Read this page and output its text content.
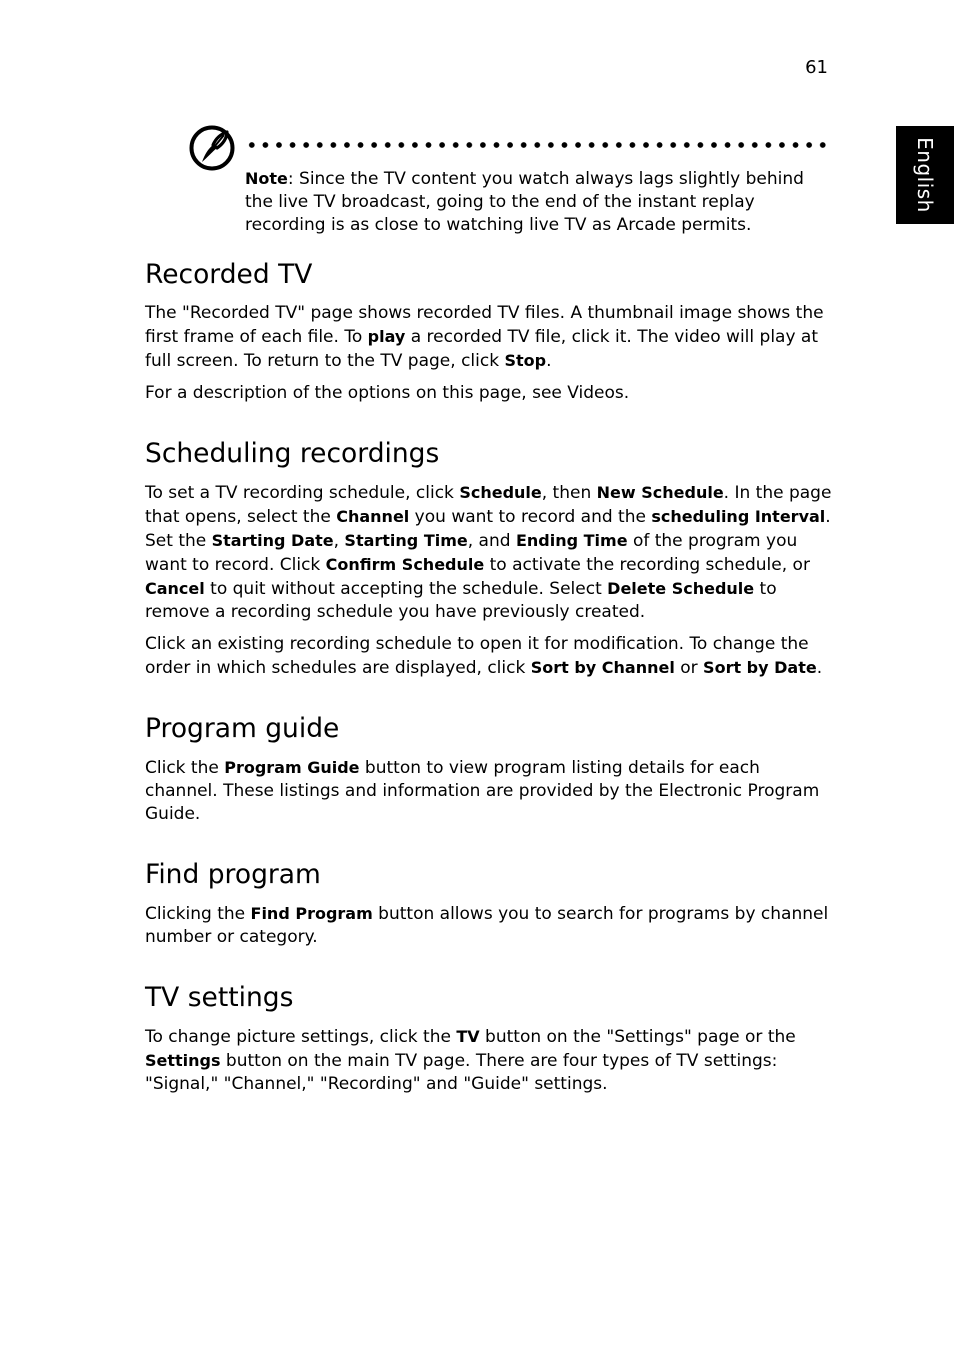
61
English
Note: Since the TV content you watch always lags slightly behind the live TV broadcast, going to the end of the instant replay recording is as close to watching live TV as Arcade permits.
Recorded TV

The "Recorded TV" page shows recorded TV files. A thumbnail image shows the first frame of each file. To play a recorded TV file, click it. The video will play at full screen. To return to the TV page, click Stop.

For a description of the options on this page, see Videos.

Scheduling recordings

To set a TV recording schedule, click Schedule, then New Schedule. In the page that opens, select the Channel you want to record and the scheduling Interval. Set the Starting Date, Starting Time, and Ending Time of the program you want to record. Click Confirm Schedule to activate the recording schedule, or Cancel to quit without accepting the schedule. Select Delete Schedule to remove a recording schedule you have previously created.

Click an existing recording schedule to open it for modification. To change the order in which schedules are displayed, click Sort by Channel or Sort by Date.

Program guide

Click the Program Guide button to view program listing details for each channel. These listings and information are provided by the Electronic Program Guide.

Find program

Clicking the Find Program button allows you to search for programs by channel number or category.

TV settings

To change picture settings, click the TV button on the "Settings" page or the Settings button on the main TV page. There are four types of TV settings: "Signal," "Channel," "Recording" and "Guide" settings.
